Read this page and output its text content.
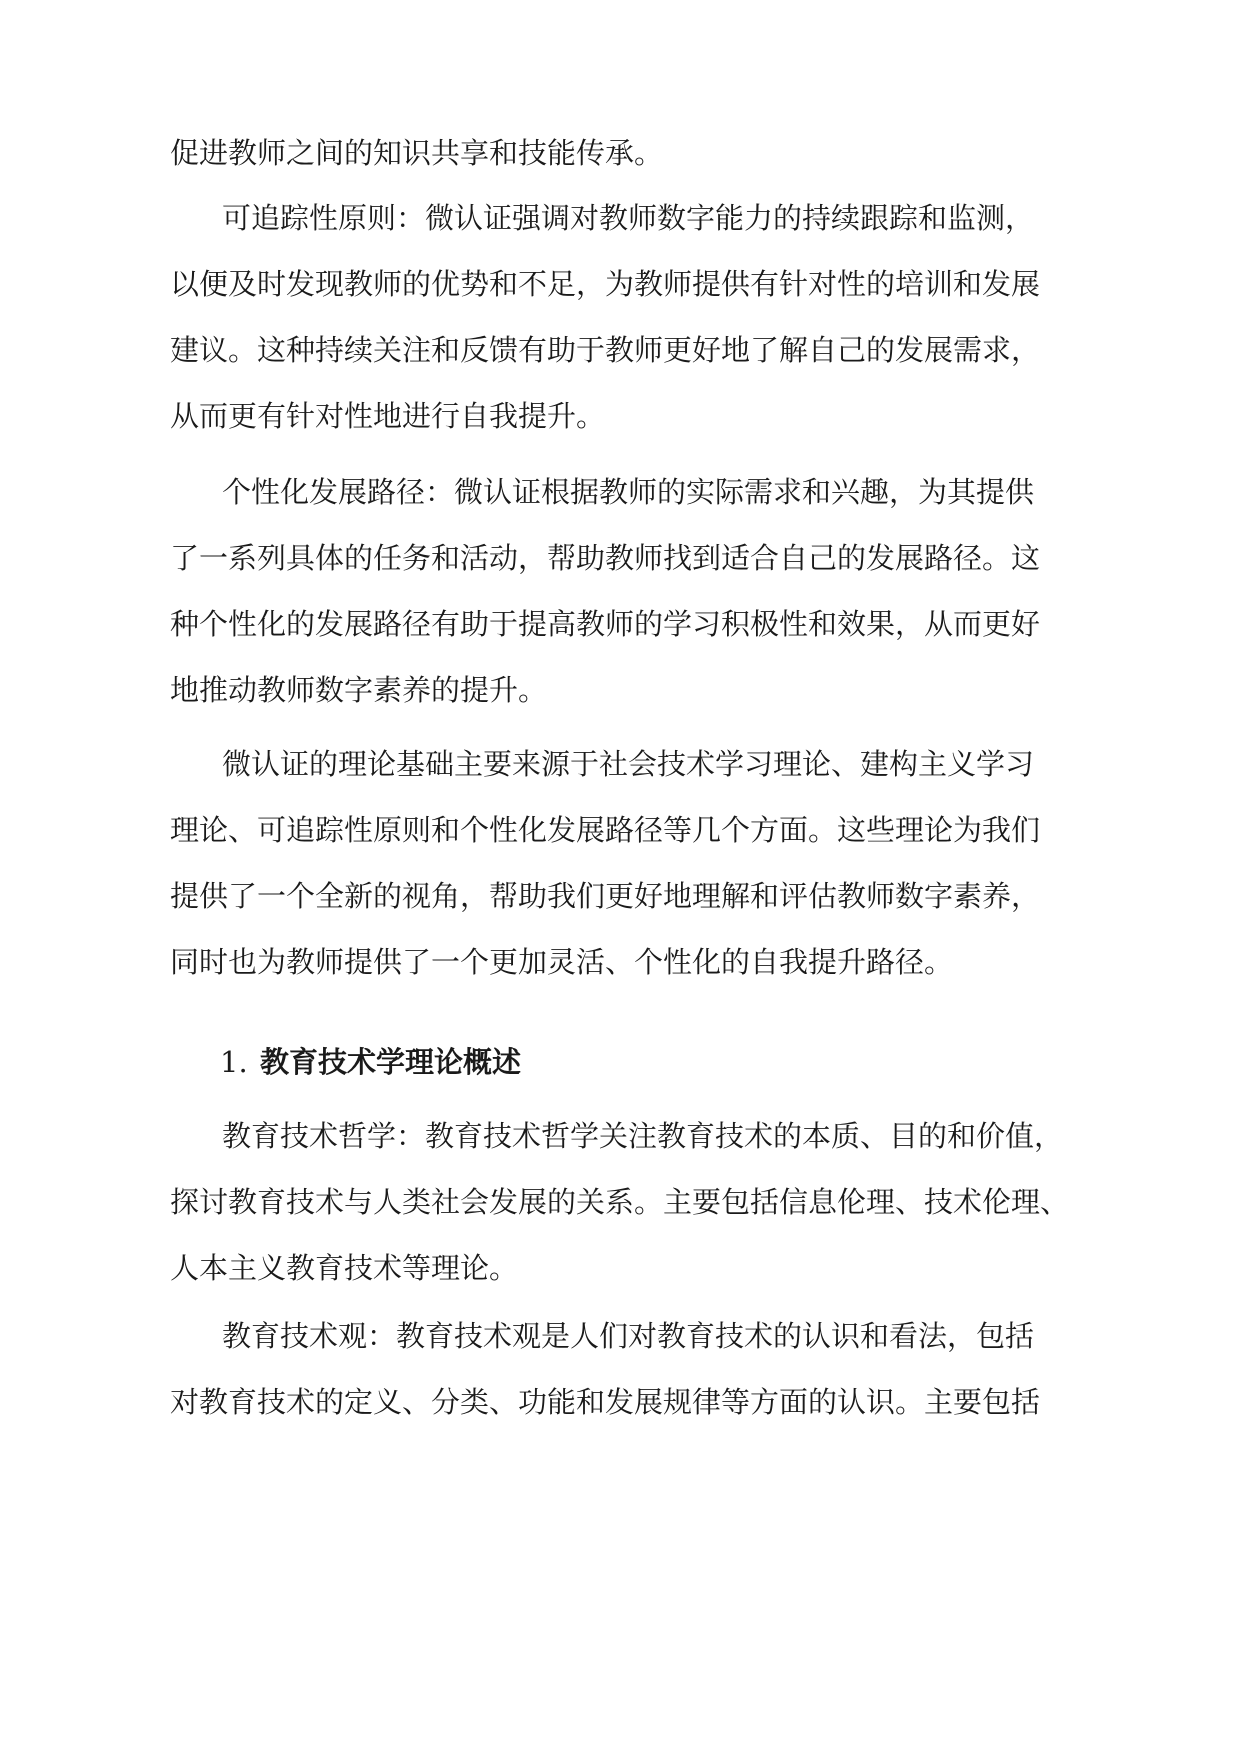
促进教师之间的知识共享和技能传承。
可追踪性原则：微认证强调对教师数字能力的持续跟踪和监测，
以便及时发现教师的优势和不足，为教师提供有针对性的培训和发展
建议。这种持续关注和反馈有助于教师更好地了解自己的发展需求，
从而更有针对性地进行自我提升。
个性化发展路径：微认证根据教师的实际需求和兴趣，为其提供
了一系列具体的任务和活动，帮助教师找到适合自己的发展路径。这
种个性化的发展路径有助于提高教师的学习积极性和效果，从而更好
地推动教师数字素养的提升。
微认证的理论基础主要来源于社会技术学习理论、建构主义学习
理论、可追踪性原则和个性化发展路径等几个方面。这些理论为我们
提供了一个全新的视角，帮助我们更好地理解和评估教师数字素养，
同时也为教师提供了一个更加灵活、个性化的自我提升路径。
1. 教育技术学理论概述
教育技术哲学：教育技术哲学关注教育技术的本质、目的和价值，
探讨教育技术与人类社会发展的关系。主要包括信息伦理、技术伦理、
人本主义教育技术等理论。
教育技术观：教育技术观是人们对教育技术的认识和看法，包括
对教育技术的定义、分类、功能和发展规律等方面的认识。主要包括
